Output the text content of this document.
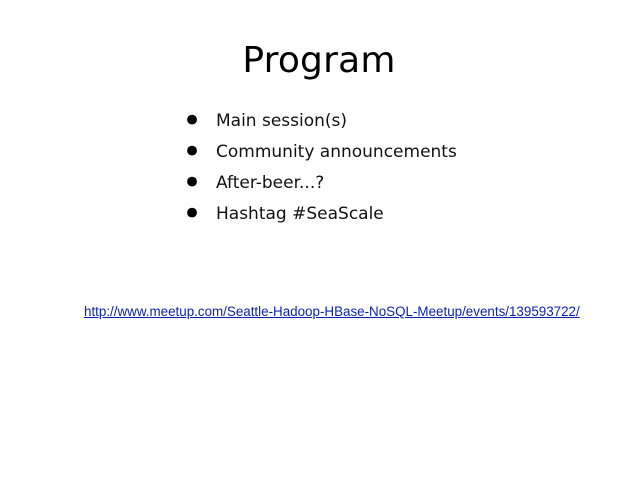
Program
• Main session(s)
• Community announcements
• After-beer...?
• Hashtag #SeaScale
http://www.meetup.com/Seattle-Hadoop-HBase-NoSQL-Meetup/events/139593722/
